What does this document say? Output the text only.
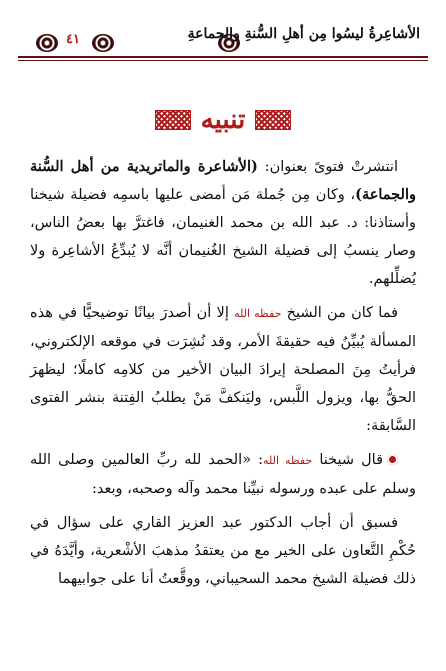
٤١	الأشاعِرةُ ليسُوا مِن أهلِ السُّنةِ والجماعةِ
تنبيه

انتشرتْ فتوىً بعنوان: (الأشاعرة والماتريدية من أهل السُّنة والجماعة)، وكان مِن جُملة مَن أمضى عليها باسمِه فضيلة شيخنا وأستاذنا: د. عبد الله بن محمد الغنيمان، فاغترَّ بها بعضُ الناس، وصار ينسبُ إلى فضيلة الشيخ الغُنيمان أنَّه لا يُبدِّعُ الأشاعِرة ولا يُضلِّلهم.

فما كان من الشيخ حفظه الله إلا أن أصدرَ بيانًا توضيحيًّا في هذه المسألة يُبيِّنُ فيه حقيقةَ الأمر، وقد نُشِرَت في موقعه الإلكتروني، فرأيتُ مِنَ المصلحة إيرادَ البيان الأخير من كلامِه كاملًا؛ ليظهرَ الحقُّ بها، ويزول اللَّبس، وليَنكفَّ مَنْ يطلبُ الفِتنة بنشر الفتوى السَّابقة:

قال شيخنا حفظه الله: «الحمد لله ربِّ العالمين وصلى الله وسلم على عبده ورسوله نبيِّنا محمد وآله وصحبه، وبعد:

فسبق أن أجاب الدكتور عبد العزيز القاري على سؤال في حُكْمِ التَّعاون على الخير مع من يعتقدُ مذهبَ الأشْعرية، وأيَّدَهُ في ذلك فضيلة الشيخ محمد السحيباني، ووقَّعتُ أنا على جوابيهما
